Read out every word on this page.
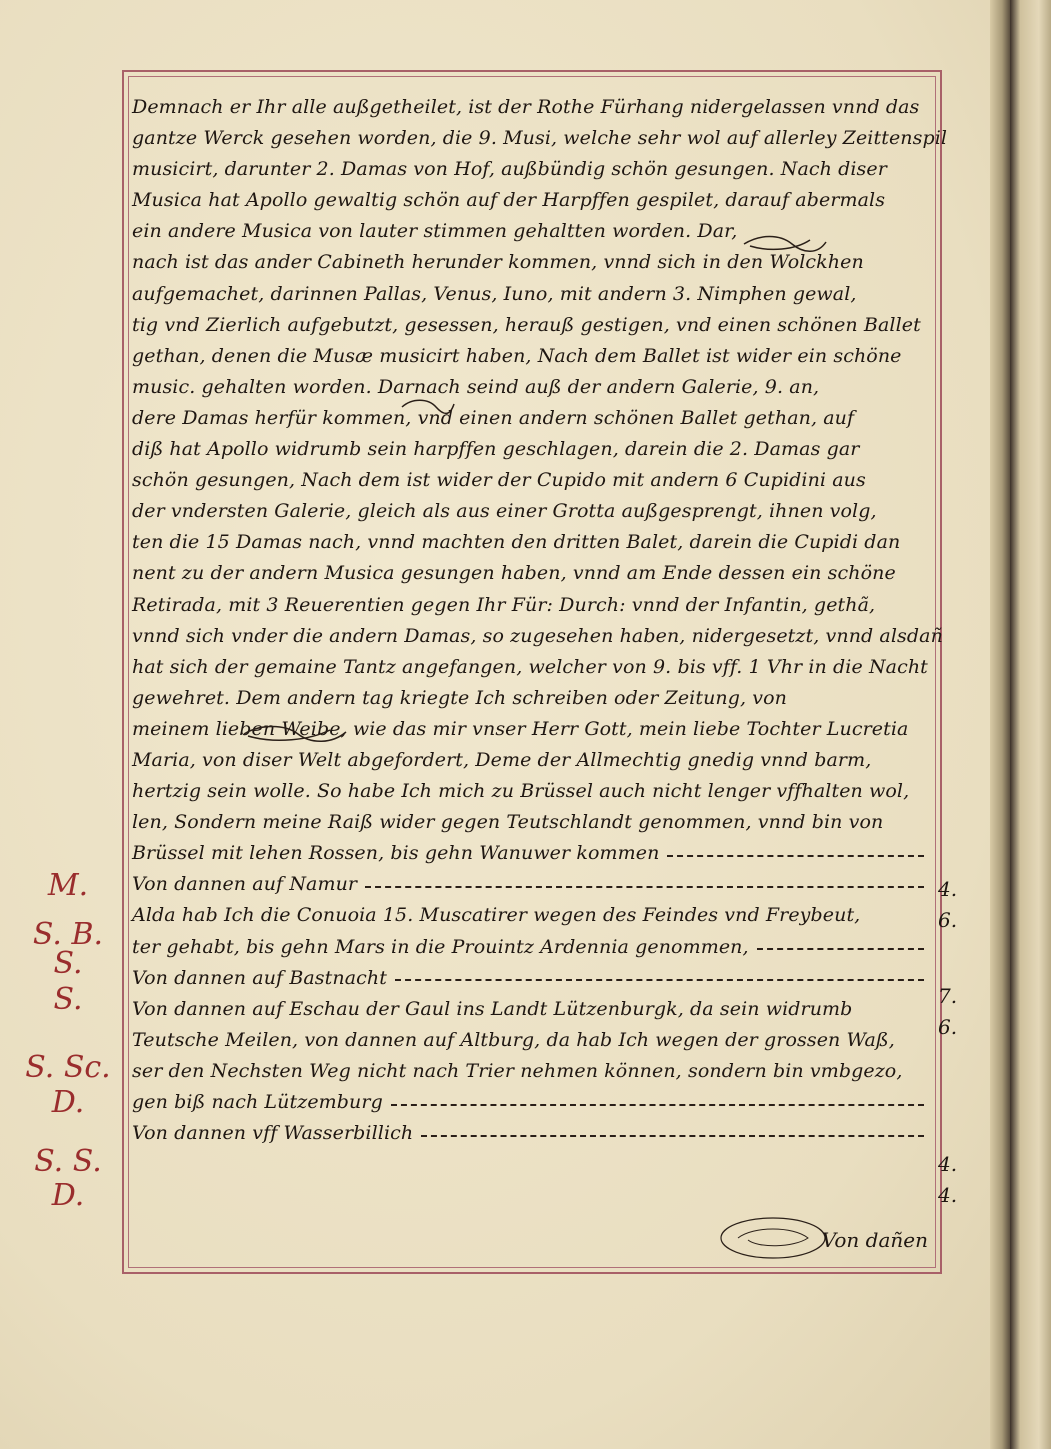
Demnach er Ihr alle außgetheilet, ist der Rothe Fürhang nidergelassen vnnd das
gantze Werck gesehen worden, die 9. Musi, welche sehr wol auf allerley Zeittenspil
musicirt, darunter 2. Damas von Hof, außbündig schön gesungen. Nach diser
Musica hat Apollo gewaltig schön auf der Harpffen gespilet, darauf abermals
ein andere Musica von lauter stimmen gehaltten worden. Dar,
nach ist das ander Cabineth herunder kommen, vnnd sich in den Wolckhen
aufgemachet, darinnen Pallas, Venus, Iuno, mit andern 3. Nimphen gewal,
tig vnd Zierlich aufgebutzt, gesessen, herauß gestigen, vnd einen schönen Ballet
gethan, denen die Musæ musicirt haben, Nach dem Ballet ist wider ein schöne
music. gehalten worden. Darnach seind auß der andern Galerie, 9. an,
dere Damas herfür kommen, vnd einen andern schönen Ballet gethan, auf
diß hat Apollo widrumb sein harpffen geschlagen, darein die 2. Damas gar
schön gesungen, Nach dem ist wider der Cupido mit andern 6 Cupidini aus
der vndersten Galerie, gleich als aus einer Grotta außgesprengt, ihnen volg,
ten die 15 Damas nach, vnnd machten den dritten Balet, darein die Cupidi dan
nent zu der andern Musica gesungen haben, vnnd am Ende dessen ein schöne
Retirada, mit 3 Reuerentien gegen Ihr Für: Durch: vnnd der Infantin, gethã,
vnnd sich vnder die andern Damas, so zugesehen haben, nidergesetzt, vnnd alsdañ
hat sich der gemaine Tantz angefangen, welcher von 9. bis vff. 1 Vhr in die Nacht
gewehret. Dem andern tag kriegte Ich schreiben oder Zeitung, von
meinem lieben Weibe, wie das mir vnser Herr Gott, mein liebe Tochter Lucretia
Maria, von diser Welt abgefordert, Deme der Allmechtig gnedig vnnd barm,
hertzig sein wolle. So habe Ich mich zu Brüssel auch nicht lenger vffhalten wol,
len, Sondern meine Raiß wider gegen Teutschlandt genommen, vnnd bin von
Brüssel mit lehen Rossen, bis gehn Wanuwer kommen
Von dannen auf Namur
Alda hab Ich die Conuoia 15. Muscatirer wegen des Feindes vnd Freybeut,
ter gehabt, bis gehn Mars in die Prouintz Ardennia genommen,
Von dannen auf Bastnacht
Von dannen auf Eschau der Gaul ins Landt Lützenburgk, da sein widrumb
Teutsche Meilen, von dannen auf Altburg, da hab Ich wegen der grossen Waß,
ser den Nechsten Weg nicht nach Trier nehmen können, sondern bin vmbgezo,
gen biß nach Lützemburg
Von dannen vff Wasserbillich
4.
6.
7.
6.
4.
4.
M.
S. B.
S.
S.
S. Sc.
D.
S. S.
D.
Von dañen
